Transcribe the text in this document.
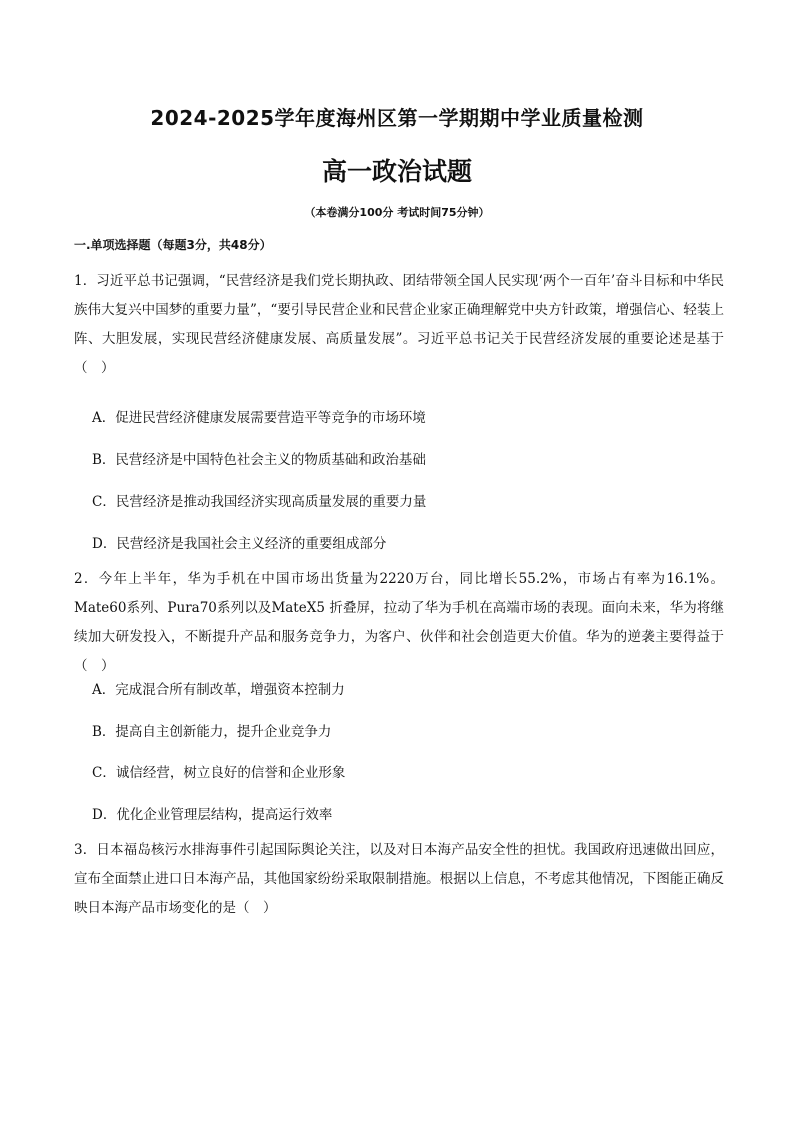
2024-2025学年度海州区第一学期期中学业质量检测
高一政治试题
（本卷满分100分 考试时间75分钟）
一.单项选择题（每题3分，共48分）
1．习近平总书记强调，“民营经济是我们党长期执政、团结带领全国人民实现‘两个一百年’奋斗目标和中华民族伟大复兴中国梦的重要力量”，“要引导民营企业和民营企业家正确理解党中央方针政策，增强信心、轻装上阵、大胆发展，实现民营经济健康发展、高质量发展”。习近平总书记关于民营经济发展的重要论述是基于（　）
A．促进民营经济健康发展需要营造平等竞争的市场环境
B．民营经济是中国特色社会主义的物质基础和政治基础
C．民营经济是推动我国经济实现高质量发展的重要力量
D．民营经济是我国社会主义经济的重要组成部分
2．今年上半年，华为手机在中国市场出货量为2220万台，同比增长55.2%，市场占有率为16.1%。Mate60系列、Pura70系列以及MateX5 折叠屏，拉动了华为手机在高端市场的表现。面向未来，华为将继续加大研发投入，不断提升产品和服务竞争力，为客户、伙伴和社会创造更大价值。华为的逆袭主要得益于（　）
A．完成混合所有制改革，增强资本控制力
B．提高自主创新能力，提升企业竞争力
C．诚信经营，树立良好的信誉和企业形象
D．优化企业管理层结构，提高运行效率
3．日本福岛核污水排海事件引起国际舆论关注，以及对日本海产品安全性的担忧。我国政府迅速做出回应，宣布全面禁止进口日本海产品，其他国家纷纷采取限制措施。根据以上信息，不考虑其他情况，下图能正确反映日本海产品市场变化的是（　）
